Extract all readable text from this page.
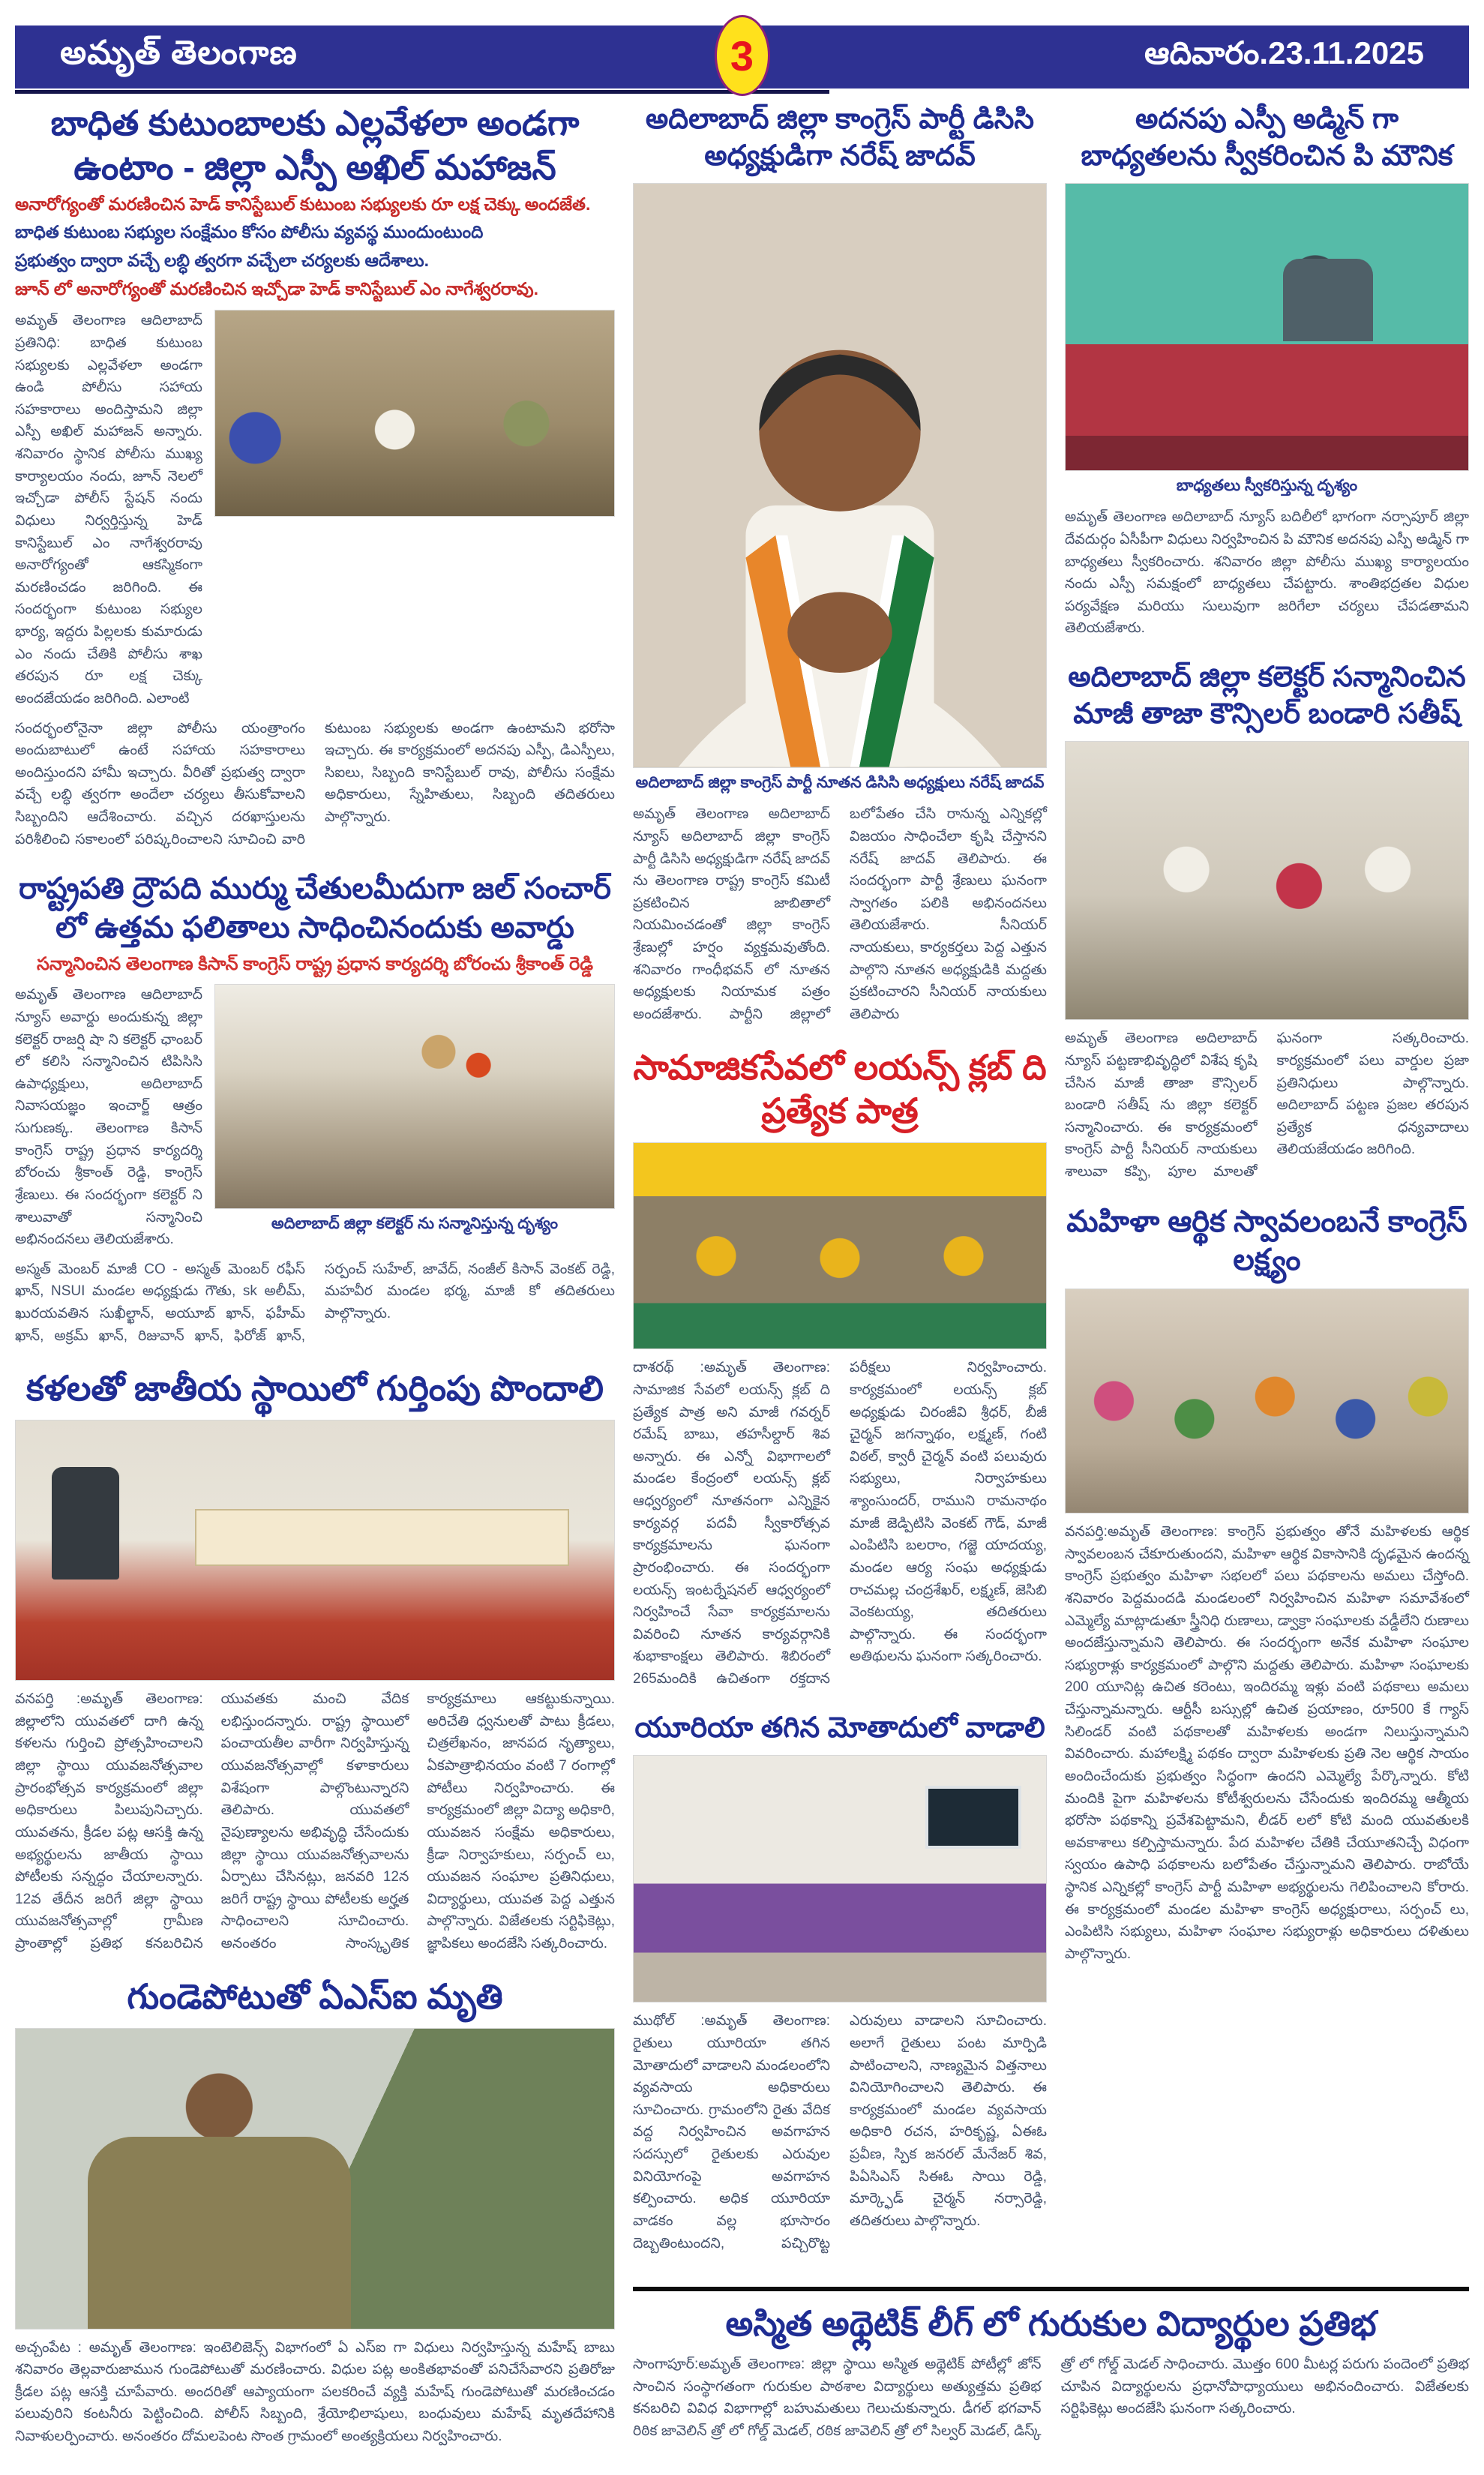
అమృత్ తెలంగాణ	3	ఆదివారం.23.11.2025
బాధిత కుటుంబాలకు ఎల్లవేళలా అండగా ఉంటాం - జిల్లా ఎస్పీ అఖిల్ మహాజన్

అనారోగ్యంతో మరణించిన హెడ్ కానిస్టేబుల్ కుటుంబ సభ్యులకు రూ లక్ష చెక్కు అందజేత.

బాధిత కుటుంబ సభ్యుల సంక్షేమం కోసం పోలీసు వ్యవస్థ ముందుంటుంది

ప్రభుత్వం ద్వారా వచ్చే లబ్ధి త్వరగా వచ్చేలా చర్యలకు ఆదేశాలు.

జూన్ లో అనారోగ్యంతో మరణించిన ఇచ్చోడా హెడ్ కానిస్టేబుల్ ఎం నాగేశ్వరరావు.

అమృత్ తెలంగాణ ఆదిలాబాద్ ప్రతినిధి: బాధిత కుటుంబ సభ్యులకు ఎల్లవేళలా అండగా ఉండి పోలీసు సహాయ సహకారాలు అందిస్తామని జిల్లా ఎస్పీ అఖిల్ మహాజన్ అన్నారు. శనివారం స్థానిక పోలీసు ముఖ్య కార్యాలయం నందు, జూన్ నెలలో ఇచ్చోడా పోలీస్ స్టేషన్ నందు విధులు నిర్వర్తిస్తున్న హెడ్ కానిస్టేబుల్ ఎం నాగేశ్వరరావు అనారోగ్యంతో ఆకస్మికంగా మరణించడం జరిగింది. ఈ సందర్భంగా కుటుంబ సభ్యుల భార్య, ఇద్దరు పిల్లలకు కుమారుడు ఎం నందు చేతికి పోలీసు శాఖ తరపున రూ లక్ష చెక్కు అందజేయడం జరిగింది. ఎలాంటి

సందర్భంలోనైనా జిల్లా పోలీసు యంత్రాంగం అందుబాటులో ఉంటే సహాయ సహకారాలు అందిస్తుందని హామీ ఇచ్చారు. వీరితో ప్రభుత్వ ద్వారా వచ్చే లబ్ధి త్వరగా అందేలా చర్యలు తీసుకోవాలని సిబ్బందిని ఆదేశించారు. వచ్చిన దరఖాస్తులను పరిశీలించి సకాలంలో పరిష్కరించాలని సూచించి వారి కుటుంబ సభ్యులకు అండగా ఉంటామని భరోసా ఇచ్చారు. ఈ కార్యక్రమంలో అదనపు ఎస్పీ, డిఎస్పీలు, సిఐలు, సిబ్బంది కానిస్టేబుల్ రావు, పోలీసు సంక్షేమ అధికారులు, స్నేహితులు, సిబ్బంది తదితరులు పాల్గొన్నారు.

రాష్ట్రపతి ద్రౌపది ముర్ము చేతులమీదుగా జల్ సంచార్ లో ఉత్తమ ఫలితాలు సాధించినందుకు అవార్డు

సన్మానించిన తెలంగాణ కిసాన్ కాంగ్రెస్ రాష్ట్ర ప్రధాన కార్యదర్శి బోరంచు శ్రీకాంత్ రెడ్డి

అమృత్ తెలంగాణ ఆదిలాబాద్ న్యూస్ అవార్డు అందుకున్న జిల్లా కలెక్టర్ రాజర్షి షా ని కలెక్టర్ ఛాంబర్ లో కలిసి సన్మానించిన టిపిసిసి ఉపాధ్యక్షులు, అదిలాబాద్ నివాసయజ్ఞం ఇంచార్జ్ ఆత్రం సుగుణక్క. తెలంగాణ కిసాన్ కాంగ్రెస్ రాష్ట్ర ప్రధాన కార్యదర్శి బోరంచు శ్రీకాంత్ రెడ్డి, కాంగ్రెస్ శ్రేణులు. ఈ సందర్భంగా కలెక్టర్ ని శాలువాతో సన్మానించి అభినందనలు తెలియజేశారు.

అదిలాబాద్ జిల్లా కలెక్టర్ ను సన్మానిస్తున్న దృశ్యం

అస్మత్ మెంబర్ మాజీ CO - అస్మత్ మెంబర్ రఫీస్ ఖాన్, NSUI మండల అధ్యక్షుడు గౌతు, sk అలీమ్, ఖురయవతిన సుఖీల్ఖాన్, అయూబ్ ఖాన్, ఫహీమ్ ఖాన్, అక్రమ్ ఖాన్, రిజువాన్ ఖాన్, ఫిరోజ్ ఖాన్, సర్పంచ్ సుహేల్, జావేద్, నంజీల్ కిసాన్ వెంకట్ రెడ్డి, మహవీర మండల భర్మ, మాజీ కో తదితరులు పాల్గొన్నారు.

కళలతో జాతీయ స్థాయిలో గుర్తింపు పొందాలి

వనపర్తి :అమృత్ తెలంగాణ: జిల్లాలోని యువతలో దాగి ఉన్న కళలను గుర్తించి ప్రోత్సహించాలని జిల్లా స్థాయి యువజనోత్సవాల ప్రారంభోత్సవ కార్యక్రమంలో జిల్లా అధికారులు పిలుపునిచ్చారు. యువతను, క్రీడల పట్ల ఆసక్తి ఉన్న అభ్యర్థులను జాతీయ స్థాయి పోటీలకు సన్నద్ధం చేయాలన్నారు. 12వ తేదీన జరిగే జిల్లా స్థాయి యువజనోత్సవాల్లో గ్రామీణ ప్రాంతాల్లో ప్రతిభ కనబరిచిన యువతకు మంచి వేదిక లభిస్తుందన్నారు. రాష్ట్ర స్థాయిలో పంచాయతీల వారీగా నిర్వహిస్తున్న యువజనోత్సవాల్లో కళాకారులు విశేషంగా పాల్గొంటున్నారని తెలిపారు. యువతలో నైపుణ్యాలను అభివృద్ధి చేసేందుకు జిల్లా స్థాయి యువజనోత్సవాలను ఏర్పాటు చేసినట్లు, జనవరి 12న జరిగే రాష్ట్ర స్థాయి పోటీలకు అర్హత సాధించాలని సూచించారు. అనంతరం సాంస్కృతిక కార్యక్రమాలు ఆకట్టుకున్నాయి. అరిచేతి ధ్వనులతో పాటు క్రీడలు, చిత్రలేఖనం, జానపద నృత్యాలు, ఏకపాత్రాభినయం వంటి 7 రంగాల్లో పోటీలు నిర్వహించారు. ఈ కార్యక్రమంలో జిల్లా విద్యా అధికారి, యువజన సంక్షేమ అధికారులు, క్రీడా నిర్వాహకులు, సర్పంచ్ లు, యువజన సంఘాల ప్రతినిధులు, విద్యార్థులు, యువత పెద్ద ఎత్తున పాల్గొన్నారు. విజేతలకు సర్టిఫికెట్లు, జ్ఞాపికలు అందజేసి సత్కరించారు.

గుండెపోటుతో ఏఎస్ఐ మృతి

అచ్చంపేట : అమృత్ తెలంగాణ: ఇంటెలిజెన్స్ విభాగంలో ఏ ఎస్ఐ గా విధులు నిర్వహిస్తున్న మహేష్ బాబు శనివారం తెల్లవారుజామున గుండెపోటుతో మరణించారు. విధుల పట్ల అంకితభావంతో పనిచేసేవారని ప్రతిరోజు క్రీడల పట్ల ఆసక్తి చూపేవారు. అందరితో ఆప్యాయంగా పలకరించే వ్యక్తి మహేష్ గుండెపోటుతో మరణించడం పలువురిని కంటనీరు పెట్టించింది. పోలీస్ సిబ్బంది, శ్రేయోభిలాషులు, బంధువులు మహేష్ మృతదేహానికి నివాళులర్పించారు. అనంతరం దోమలపెంట సొంత గ్రామంలో అంత్యక్రియలు నిర్వహించారు.

అదిలాబాద్ జిల్లా కాంగ్రెస్ పార్టీ డిసిసి అధ్యక్షుడిగా నరేష్ జాదవ్

అదిలాబాద్ జిల్లా కాంగ్రెస్ పార్టీ నూతన డిసిసి అధ్యక్షులు నరేష్ జాదవ్

అమృత్ తెలంగాణ అదిలాబాద్ న్యూస్ అదిలాబాద్ జిల్లా కాంగ్రెస్ పార్టీ డిసిసి అధ్యక్షుడిగా నరేష్ జాదవ్ ను తెలంగాణ రాష్ట్ర కాంగ్రెస్ కమిటీ ప్రకటించిన జాబితాలో నియమించడంతో జిల్లా కాంగ్రెస్ శ్రేణుల్లో హర్షం వ్యక్తమవుతోంది. శనివారం గాంధీభవన్ లో నూతన అధ్యక్షులకు నియామక పత్రం అందజేశారు. పార్టీని జిల్లాలో బలోపేతం చేసి రానున్న ఎన్నికల్లో విజయం సాధించేలా కృషి చేస్తానని నరేష్ జాదవ్ తెలిపారు. ఈ సందర్భంగా పార్టీ శ్రేణులు ఘనంగా స్వాగతం పలికి అభినందనలు తెలియజేశారు. సీనియర్ నాయకులు, కార్యకర్తలు పెద్ద ఎత్తున పాల్గొని నూతన అధ్యక్షుడికి మద్దతు ప్రకటించారని సీనియర్ నాయకులు తెలిపారు

సామాజికసేవలో లయన్స్ క్లబ్ ది ప్రత్యేక పాత్ర

దాశరథ్ :అమృత్ తెలంగాణ: సామాజిక సేవలో లయన్స్ క్లబ్ ది ప్రత్యేక పాత్ర అని మాజీ గవర్నర్ రమేష్ బాబు, తహసీల్దార్ శివ అన్నారు. ఈ ఎన్నో విభాగాలలో మండల కేంద్రంలో లయన్స్ క్లబ్ ఆధ్వర్యంలో నూతనంగా ఎన్నికైన కార్యవర్గ పదవీ స్వీకారోత్సవ కార్యక్రమాలను ఘనంగా ప్రారంభించారు. ఈ సందర్భంగా లయన్స్ ఇంటర్నేషనల్ ఆధ్వర్యంలో నిర్వహించే సేవా కార్యక్రమాలను వివరించి నూతన కార్యవర్గానికి శుభాకాంక్షలు తెలిపారు. శిబిరంలో 265మందికి ఉచితంగా రక్తదాన పరీక్షలు నిర్వహించారు. కార్యక్రమంలో లయన్స్ క్లబ్ అధ్యక్షుడు చిరంజీవి శ్రీధర్, బీజీ చైర్మన్ జగన్నాథం, లక్ష్మణ్, గంటి విఠల్, క్వారీ చైర్మన్ వంటి పలువురు సభ్యులు, నిర్వాహకులు శ్యాంసుందర్, రాముని రామనాథం మాజీ జెడ్పిటిసి వెంకట్ గౌడ్, మాజీ ఎంపిటిసి బలరాం, గజ్జె యాదయ్య, మండల ఆర్య సంఘ అధ్యక్షుడు రాచమల్ల చంద్రశేఖర్, లక్ష్మణ్, జెసిబి వెంకటయ్య, తదితరులు పాల్గొన్నారు. ఈ సందర్భంగా అతిథులను ఘనంగా సత్కరించారు.

యూరియా తగిన మోతాదులో వాడాలి

ముథోల్ :అమృత్ తెలంగాణ: రైతులు యూరియా తగిన మోతాదులో వాడాలని మండలంలోని వ్యవసాయ అధికారులు సూచించారు. గ్రామంలోని రైతు వేదిక వద్ద నిర్వహించిన అవగాహన సదస్సులో రైతులకు ఎరువుల వినియోగంపై అవగాహన కల్పించారు. అధిక యూరియా వాడకం వల్ల భూసారం దెబ్బతింటుందని, పచ్చిరొట్ట ఎరువులు వాడాలని సూచించారు. అలాగే రైతులు పంట మార్పిడి పాటించాలని, నాణ్యమైన విత్తనాలు వినియోగించాలని తెలిపారు. ఈ కార్యక్రమంలో మండల వ్యవసాయ అధికారి రచన, హరికృష్ణ, ఏఈఓ ప్రవీణ, స్పిక జనరల్ మేనేజర్ శివ, పిఏసిఎస్ సిఈఓ సాయి రెడ్డి, మార్క్ఫెడ్ చైర్మన్ నర్సారెడ్డి, తదితరులు పాల్గొన్నారు.

అదనపు ఎస్పీ అడ్మిన్ గా బాధ్యతలను స్వీకరించిన పి మౌనిక

బాధ్యతలు స్వీకరిస్తున్న దృశ్యం

అమృత్ తెలంగాణ అదిలాబాద్ న్యూస్ బదిలీలో భాగంగా నర్సాపూర్ జిల్లా దేవదుర్గం ఏసీపీగా విధులు నిర్వహించిన పి మౌనిక అదనపు ఎస్పీ అడ్మిన్ గా బాధ్యతలు స్వీకరించారు. శనివారం జిల్లా పోలీసు ముఖ్య కార్యాలయం నందు ఎస్పీ సమక్షంలో బాధ్యతలు చేపట్టారు. శాంతిభద్రతల విధుల పర్యవేక్షణ మరియు సులువుగా జరిగేలా చర్యలు చేపడతామని తెలియజేశారు.

అదిలాబాద్ జిల్లా కలెక్టర్ సన్మానించిన మాజీ తాజా కౌన్సిలర్ బండారి సతీష్

అమృత్ తెలంగాణ అదిలాబాద్ న్యూస్ పట్టణాభివృద్ధిలో విశేష కృషి చేసిన మాజీ తాజా కౌన్సిలర్ బండారి సతీష్ ను జిల్లా కలెక్టర్ సన్మానించారు. ఈ కార్యక్రమంలో కాంగ్రెస్ పార్టీ సీనియర్ నాయకులు శాలువా కప్పి, పూల మాలతో ఘనంగా సత్కరించారు. కార్యక్రమంలో పలు వార్డుల ప్రజా ప్రతినిధులు పాల్గొన్నారు. అదిలాబాద్ పట్టణ ప్రజల తరపున ప్రత్యేక ధన్యవాదాలు తెలియజేయడం జరిగింది.

మహిళా ఆర్థిక స్వావలంబనే కాంగ్రెస్ లక్ష్యం

వనపర్తి:అమృత్ తెలంగాణ: కాంగ్రెస్ ప్రభుత్వం తోనే మహిళలకు ఆర్థిక స్వావలంబన చేకూరుతుందని, మహిళా ఆర్థిక వికాసానికి దృఢమైన ఉందన్న కాంగ్రెస్ ప్రభుత్వం మహిళా సభలలో పలు పథకాలను అమలు చేస్తోంది. శనివారం పెద్దమందడి మండలంలో నిర్వహించిన మహిళా సమావేశంలో ఎమ్మెల్యే మాట్లాడుతూ స్త్రీనిధి రుణాలు, డ్వాక్రా సంఘాలకు వడ్డీలేని రుణాలు అందజేస్తున్నామని తెలిపారు. ఈ సందర్భంగా అనేక మహిళా సంఘాల సభ్యురాళ్లు కార్యక్రమంలో పాల్గొని మద్దతు తెలిపారు. మహిళా సంఘాలకు 200 యూనిట్ల ఉచిత కరెంటు, ఇందిరమ్మ ఇళ్లు వంటి పథకాలు అమలు చేస్తున్నామన్నారు. ఆర్టీసీ బస్సుల్లో ఉచిత ప్రయాణం, రూ500 కే గ్యాస్ సిలిండర్ వంటి పథకాలతో మహిళలకు అండగా నిలుస్తున్నామని వివరించారు. మహాలక్ష్మి పథకం ద్వారా మహిళలకు ప్రతి నెల ఆర్థిక సాయం అందించేందుకు ప్రభుత్వం సిద్ధంగా ఉందని ఎమ్మెల్యే పేర్కొన్నారు. కోటి మందికి పైగా మహిళలను కోటీశ్వరులను చేసేందుకు ఇందిరమ్మ ఆత్మీయ భరోసా పథకాన్ని ప్రవేశపెట్టామని, లీడర్ లలో కోటి మంది యువతులకి అవకాశాలు కల్పిస్తామన్నారు. పేద మహిళల చేతికి చేయూతనిచ్చే విధంగా స్వయం ఉపాధి పథకాలను బలోపేతం చేస్తున్నామని తెలిపారు. రాబోయే స్థానిక ఎన్నికల్లో కాంగ్రెస్ పార్టీ మహిళా అభ్యర్థులను గెలిపించాలని కోరారు. ఈ కార్యక్రమంలో మండల మహిళా కాంగ్రెస్ అధ్యక్షురాలు, సర్పంచ్ లు, ఎంపిటిసి సభ్యులు, మహిళా సంఘాల సభ్యురాళ్లు అధికారులు దళితులు పాల్గొన్నారు.

అస్మిత అథ్లెటిక్ లీగ్ లో గురుకుల విద్యార్థుల ప్రతిభ

సాంగాపూర్:అమృత్ తెలంగాణ: జిల్లా స్థాయి అస్మిత అథ్లెటిక్ పోటీల్లో జోన్ సాంచిన సంస్థాగతంగా గురుకుల పాఠశాల విద్యార్థులు అత్యుత్తమ ప్రతిభ కనబరిచి వివిధ విభాగాల్లో బహుమతులు గెలుచుకున్నారు. డీగల్ భగవాన్ రిఠిక జావెలిన్ త్రో లో గోల్డ్ మెడల్, రఠిక జావెలిన్ త్రో లో సిల్వర్ మెడల్, డిస్క్ త్రో లో గోల్డ్ మెడల్ సాధించారు. మొత్తం 600 మీటర్ల పరుగు పందెంలో ప్రతిభ చూపిన విద్యార్థులను ప్రధానోపాధ్యాయులు అభినందించారు. విజేతలకు సర్టిఫికెట్లు అందజేసి ఘనంగా సత్కరించారు.
